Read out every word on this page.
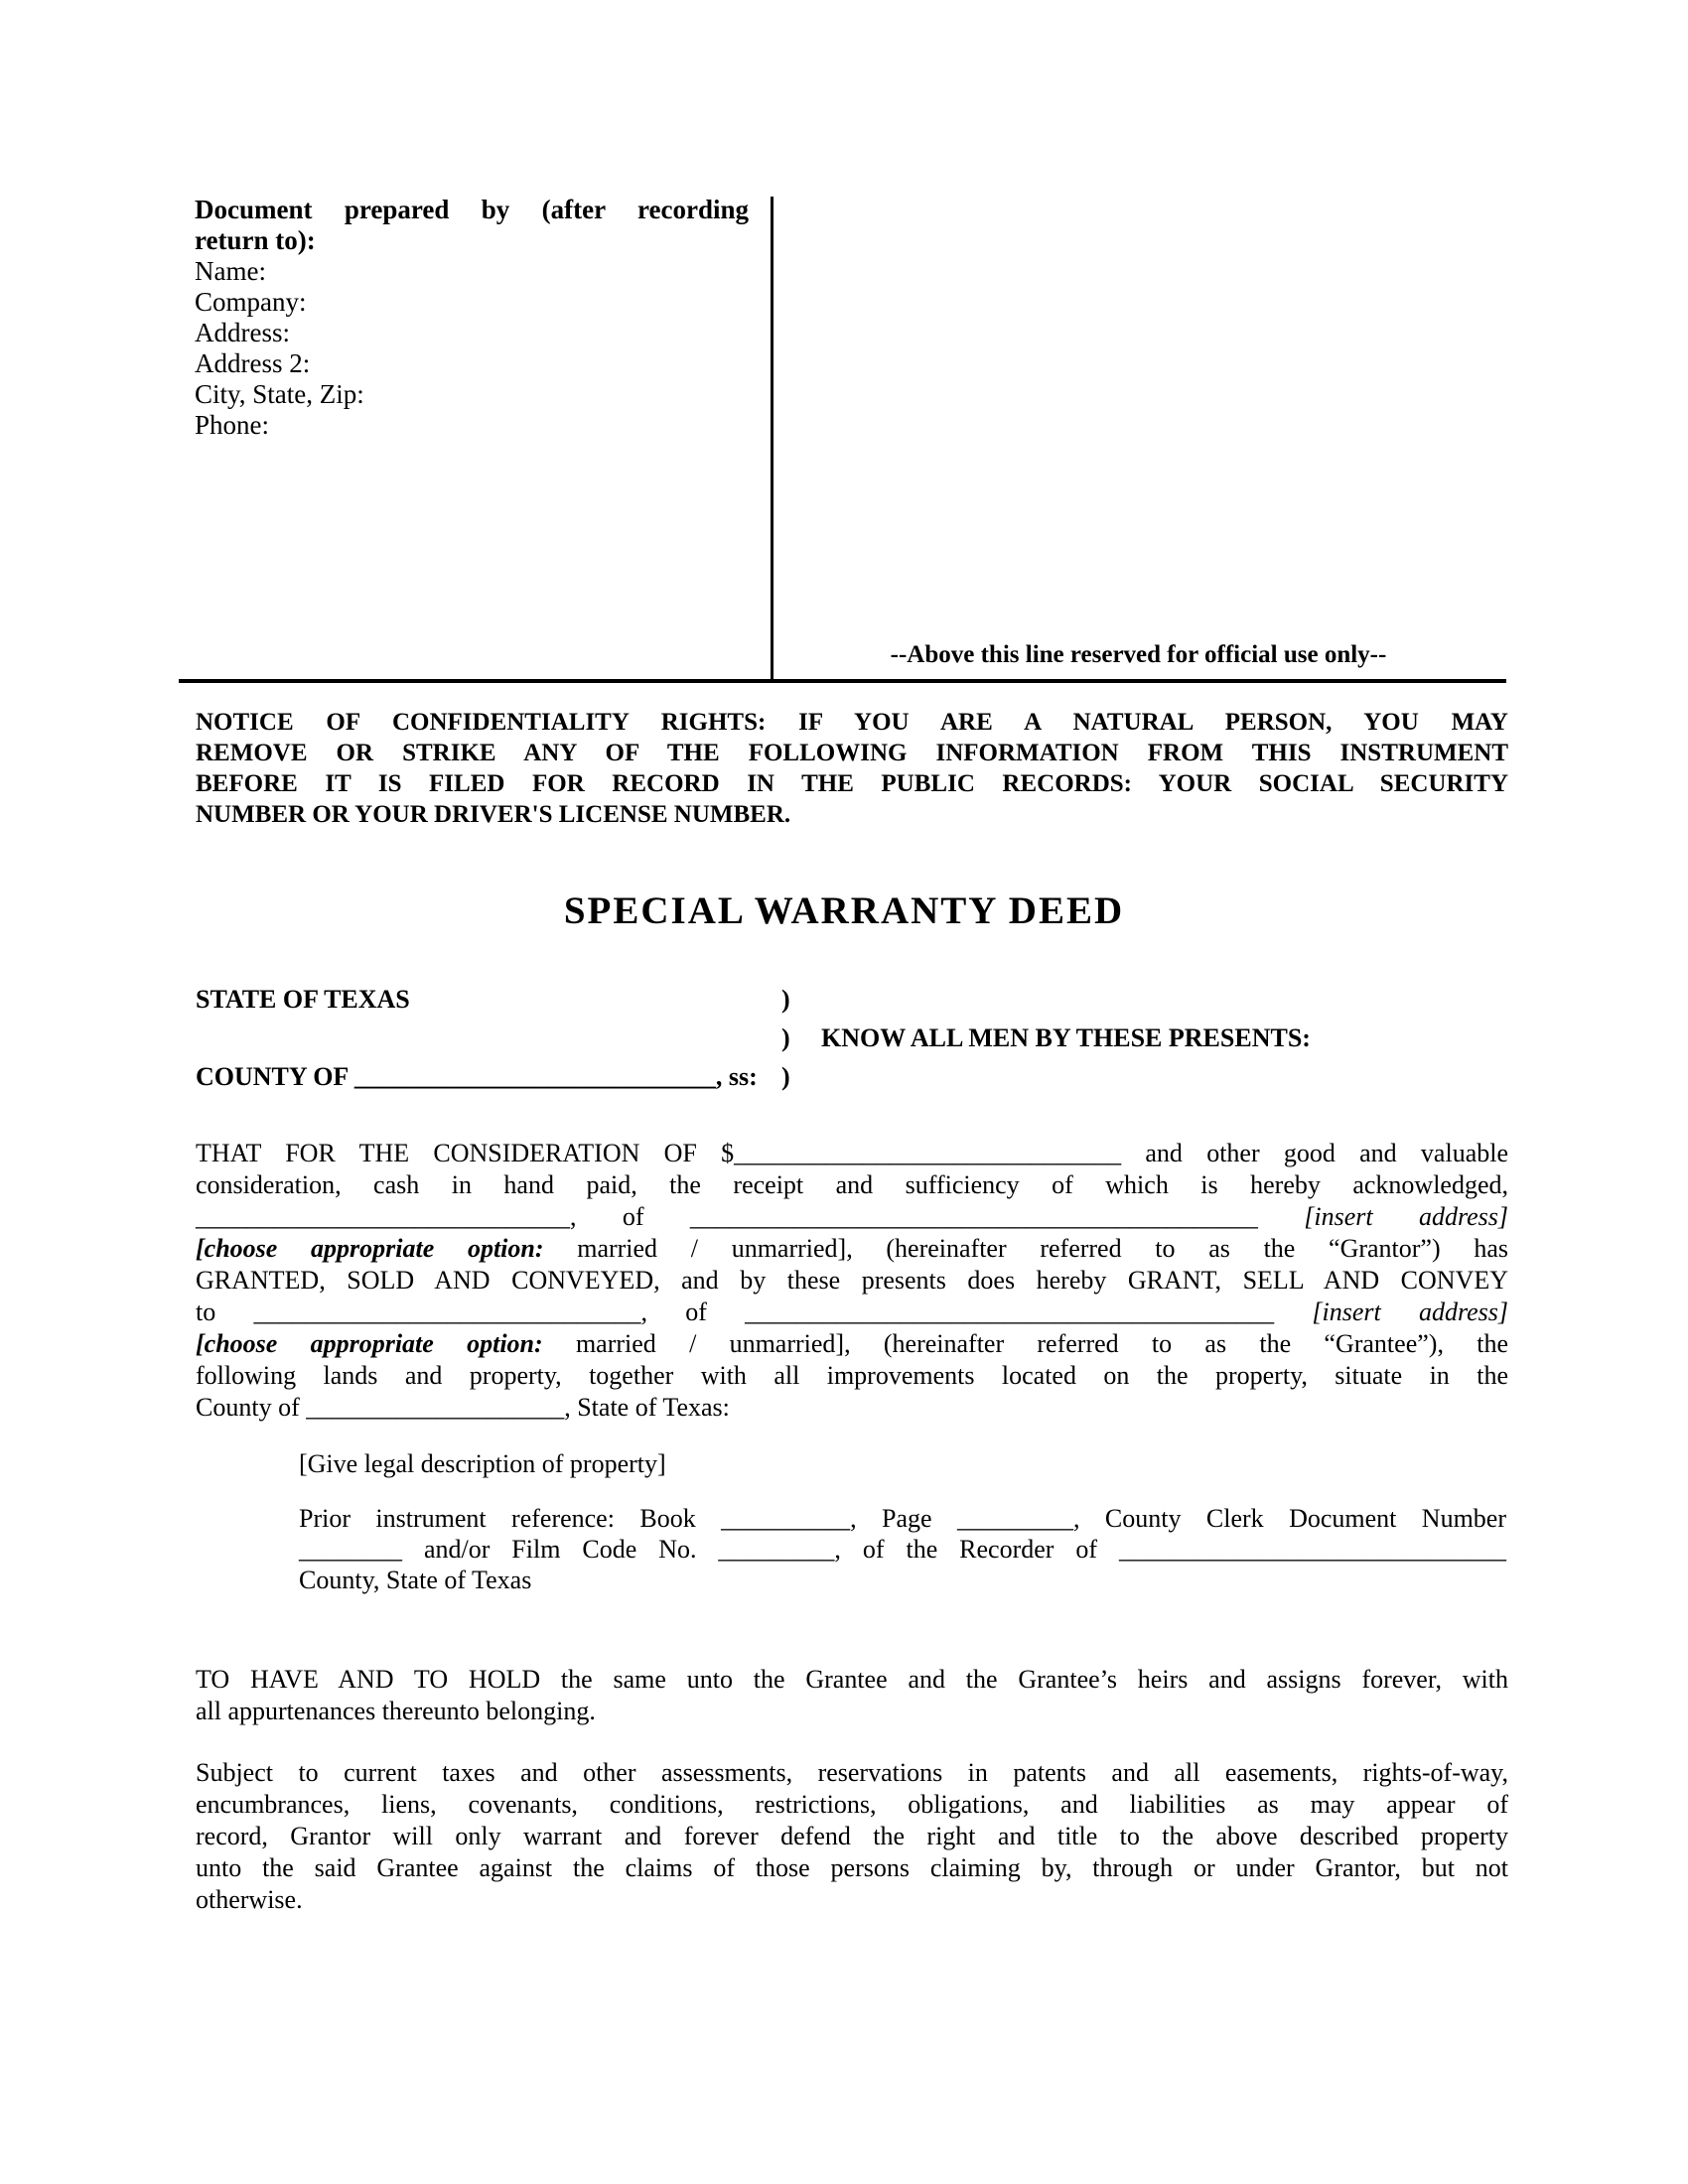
Document prepared by (after recording
return to):
Name:
Company:
Address:
Address 2:
City, State, Zip:
Phone:
--Above this line reserved for official use only--
NOTICE OF CONFIDENTIALITY RIGHTS: IF YOU ARE A NATURAL PERSON, YOU MAY
REMOVE OR STRIKE ANY OF THE FOLLOWING INFORMATION FROM THIS INSTRUMENT
BEFORE IT IS FILED FOR RECORD IN THE PUBLIC RECORDS: YOUR SOCIAL SECURITY
NUMBER OR YOUR DRIVER'S LICENSE NUMBER.
SPECIAL WARRANTY DEED
STATE OF TEXAS	)
)	KNOW ALL MEN BY THESE PRESENTS:
COUNTY OF ____________________________, ss: )
THAT FOR THE CONSIDERATION OF $______________________________ and other good and valuable
consideration, cash in hand paid, the receipt and sufficiency of which is hereby acknowledged,
_____________________________, of ____________________________________________ [insert address]
[choose appropriate option: married / unmarried], (hereinafter referred to as the “Grantor”) has
GRANTED, SOLD AND CONVEYED, and by these presents does hereby GRANT, SELL AND CONVEY
to ______________________________, of _________________________________________ [insert address]
[choose appropriate option: married / unmarried], (hereinafter referred to as the “Grantee”), the
following lands and property, together with all improvements located on the property, situate in the
County of ____________________, State of Texas:
[Give legal description of property]
Prior instrument reference: Book __________, Page _________, County Clerk Document Number
________ and/or Film Code No. _________, of the Recorder of ______________________________
County, State of Texas
TO HAVE AND TO HOLD the same unto the Grantee and the Grantee’s heirs and assigns forever, with
all appurtenances thereunto belonging.
Subject to current taxes and other assessments, reservations in patents and all easements, rights-of-way,
encumbrances, liens, covenants, conditions, restrictions, obligations, and liabilities as may appear of
record, Grantor will only warrant and forever defend the right and title to the above described property
unto the said Grantee against the claims of those persons claiming by, through or under Grantor, but not
otherwise.
